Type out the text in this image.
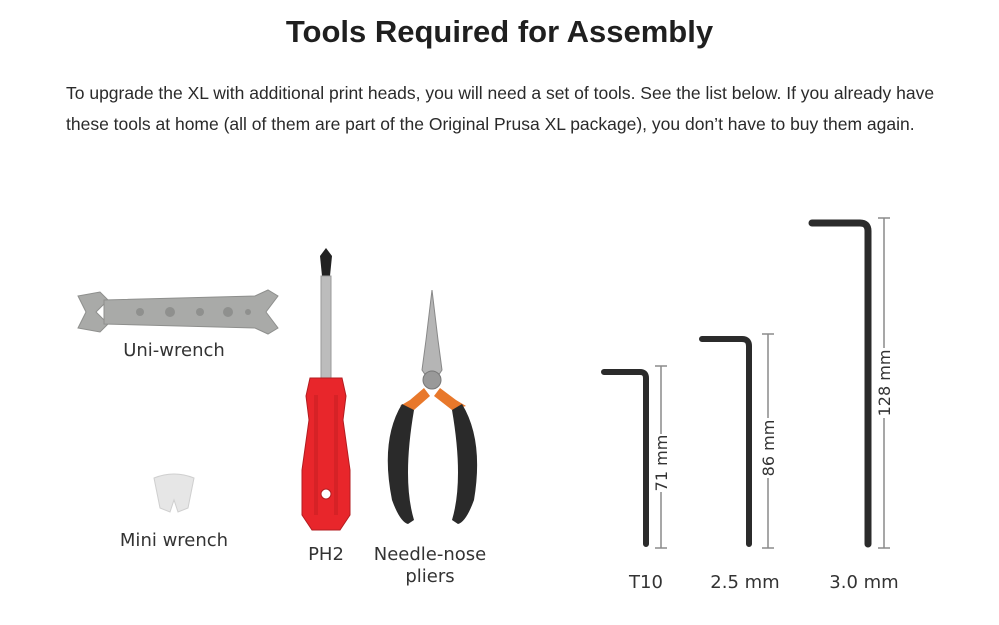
Tools Required for Assembly

To upgrade the XL with additional print heads, you will need a set of tools. See the list below. If you already have these tools at home (all of them are part of the Original Prusa XL package), you don’t have to buy them again.

Uni-wrench
Mini wrench
PH2 Needle-nose
pliers
71 mm
T10
86 mm
2.5 mm
128 mm
3.0 mm
